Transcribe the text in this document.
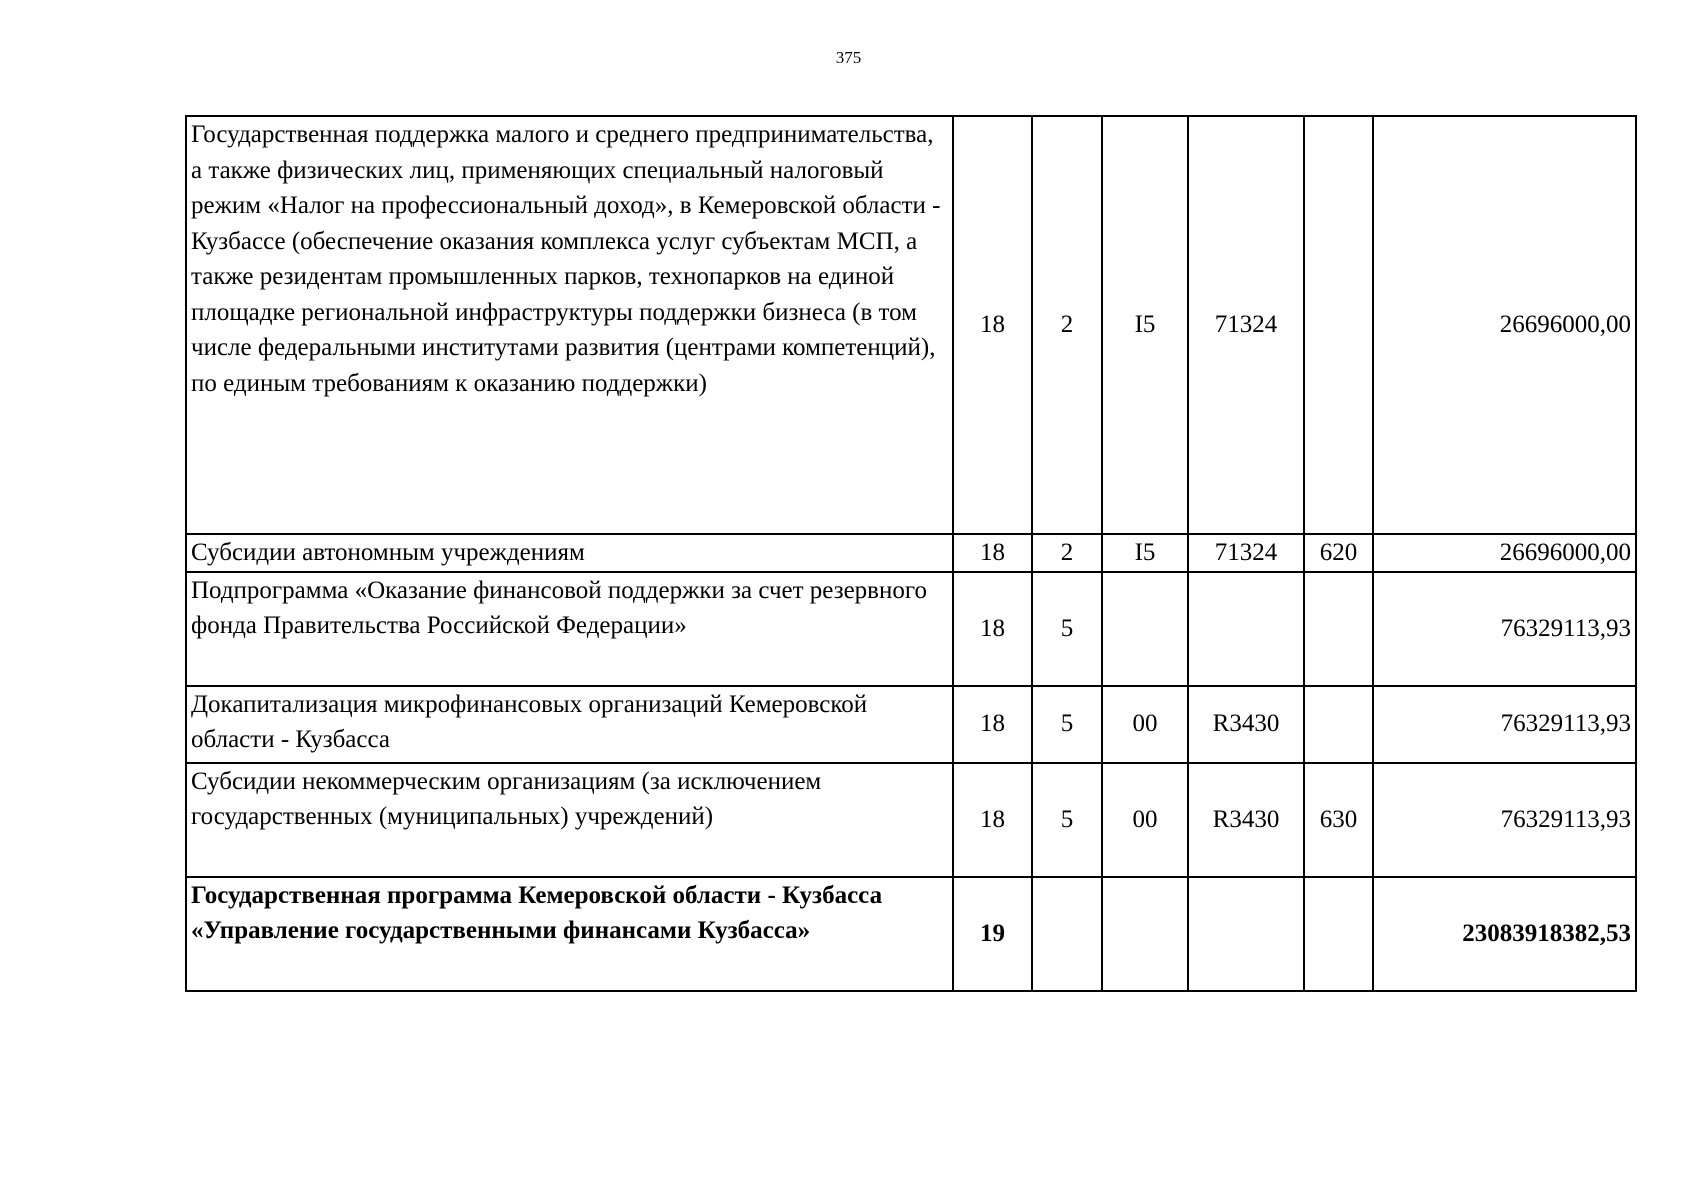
375
Государственная поддержка малого и среднего предпринимательства, а также физических лиц, применяющих специальный налоговый режим «Налог на профессиональный доход», в Кемеровской области - Кузбассе (обеспечение оказания комплекса услуг субъектам МСП, а также резидентам промышленных парков, технопарков на единой площадке региональной инфраструктуры поддержки бизнеса (в том числе федеральными институтами развития (центрами компетенций), по единым требованиям к оказанию поддержки)	18	2	I5	71324		26696000,00
Субсидии автономным учреждениям	18	2	I5	71324	620	26696000,00
Подпрограмма «Оказание финансовой поддержки за счет резервного фонда Правительства Российской Федерации»	18	5				76329113,93
Докапитализация микрофинансовых организаций Кемеровской области - Кузбасса	18	5	00	R3430		76329113,93
Субсидии некоммерческим организациям (за исключением государственных (муниципальных) учреждений)	18	5	00	R3430	630	76329113,93
Государственная программа Кемеровской области - Кузбасса «Управление государственными финансами Кузбасса»	19					23083918382,53
